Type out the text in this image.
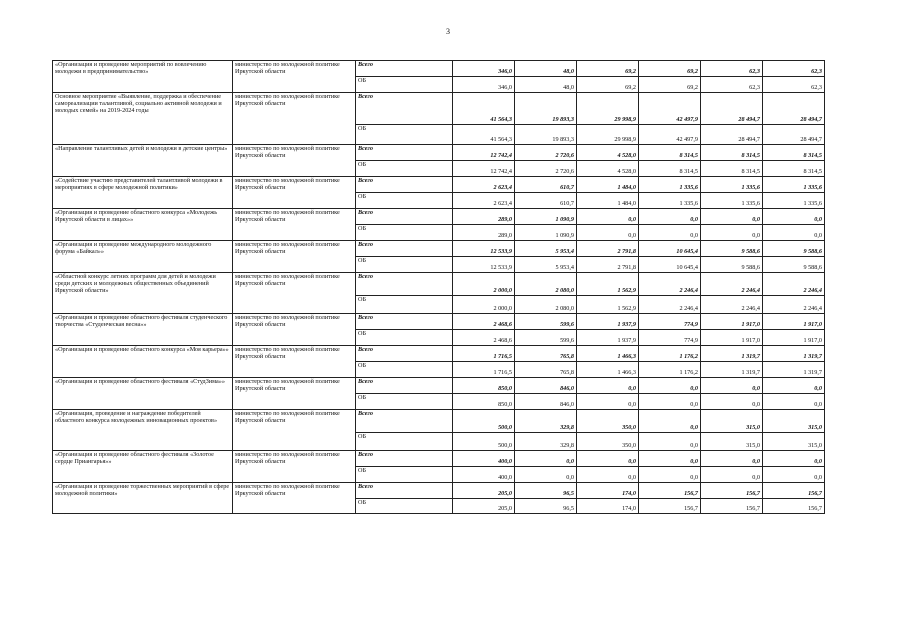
3
«Организация и проведение мероприятий по вовлечению молодежи в предпринимательство»	министерство по молодежной политике Иркутской области	Всего	346,0	48,0	69,2	69,2	62,3	62,3
		ОБ	346,0	48,0	69,2	69,2	62,3	62,3
Основное мероприятие «Выявление, поддержка и обеспечение самореализации талантливой, социально активной молодежи и молодых семей» на 2019-2024 годы	министерство по молодежной политике Иркутской области	Всего	41 564,3	19 893,3	29 998,9	42 497,9	28 494,7	28 494,7
		ОБ	41 564,3	19 893,3	29 998,9	42 497,9	28 494,7	28 494,7
«Направление талантливых детей и молодежи в детские центры»	министерство по молодежной политике Иркутской области	Всего	12 742,4	2 720,6	4 528,0	8 314,5	8 314,5	8 314,5
		ОБ	12 742,4	2 720,6	4 528,0	8 314,5	8 314,5	8 314,5
«Содействие участию представителей талантливой молодежи в мероприятиях в сфере молодежной политики»	министерство по молодежной политике Иркутской области	Всего	2 623,4	610,7	1 484,0	1 335,6	1 335,6	1 335,6
		ОБ	2 623,4	610,7	1 484,0	1 335,6	1 335,6	1 335,6
«Организация и проведение областного конкурса «Молодежь Иркутской области в лицах»»	министерство по молодежной политике Иркутской области	Всего	289,0	1 090,9	0,0	0,0	0,0	0,0
		ОБ	289,0	1 090,9	0,0	0,0	0,0	0,0
«Организация и проведение международного молодежного форума «Байкал»»	министерство по молодежной политике Иркутской области	Всего	12 533,9	5 953,4	2 791,8	10 645,4	9 588,6	9 588,6
		ОБ	12 533,9	5 953,4	2 791,8	10 645,4	9 588,6	9 588,6
«Областной конкурс летних программ для детей и молодежи среди детских и молодежных общественных объединений Иркутской области»	министерство по молодежной политике Иркутской области	Всего	2 000,0	2 080,0	1 562,9	2 246,4	2 246,4	2 246,4
		ОБ	2 000,0	2 080,0	1 562,9	2 246,4	2 246,4	2 246,4
«Организация и проведение областного фестиваля студенческого творчества «Студенческая весна»»	министерство по молодежной политике Иркутской области	Всего	2 468,6	599,6	1 937,9	774,9	1 917,0	1 917,0
		ОБ	2 468,6	599,6	1 937,9	774,9	1 917,0	1 917,0
«Организация и проведение областного конкурса «Моя карьера»»	министерство по молодежной политике Иркутской области	Всего	1 716,5	765,8	1 466,3	1 176,2	1 319,7	1 319,7
		ОБ	1 716,5	765,8	1 466,3	1 176,2	1 319,7	1 319,7
«Организация и проведение областного фестиваля «СтудЗима»»	министерство по молодежной политике Иркутской области	Всего	850,0	846,0	0,0	0,0	0,0	0,0
		ОБ	850,0	846,0	0,0	0,0	0,0	0,0
«Организация, проведение и награждение победителей областного конкурса молодежных инновационных проектов»	министерство по молодежной политике Иркутской области	Всего	500,0	329,8	350,0	0,0	315,0	315,0
		ОБ	500,0	329,8	350,0	0,0	315,0	315,0
«Организация и проведение областного фестиваля «Золотое сердце Приангарья»»	министерство по молодежной политике Иркутской области	Всего	400,0	0,0	0,0	0,0	0,0	0,0
		ОБ	400,0	0,0	0,0	0,0	0,0	0,0
«Организация и проведение торжественных мероприятий в сфере молодежной политики»	министерство по молодежной политике Иркутской области	Всего	205,0	96,5	174,0	156,7	156,7	156,7
		ОБ	205,0	96,5	174,0	156,7	156,7	156,7
